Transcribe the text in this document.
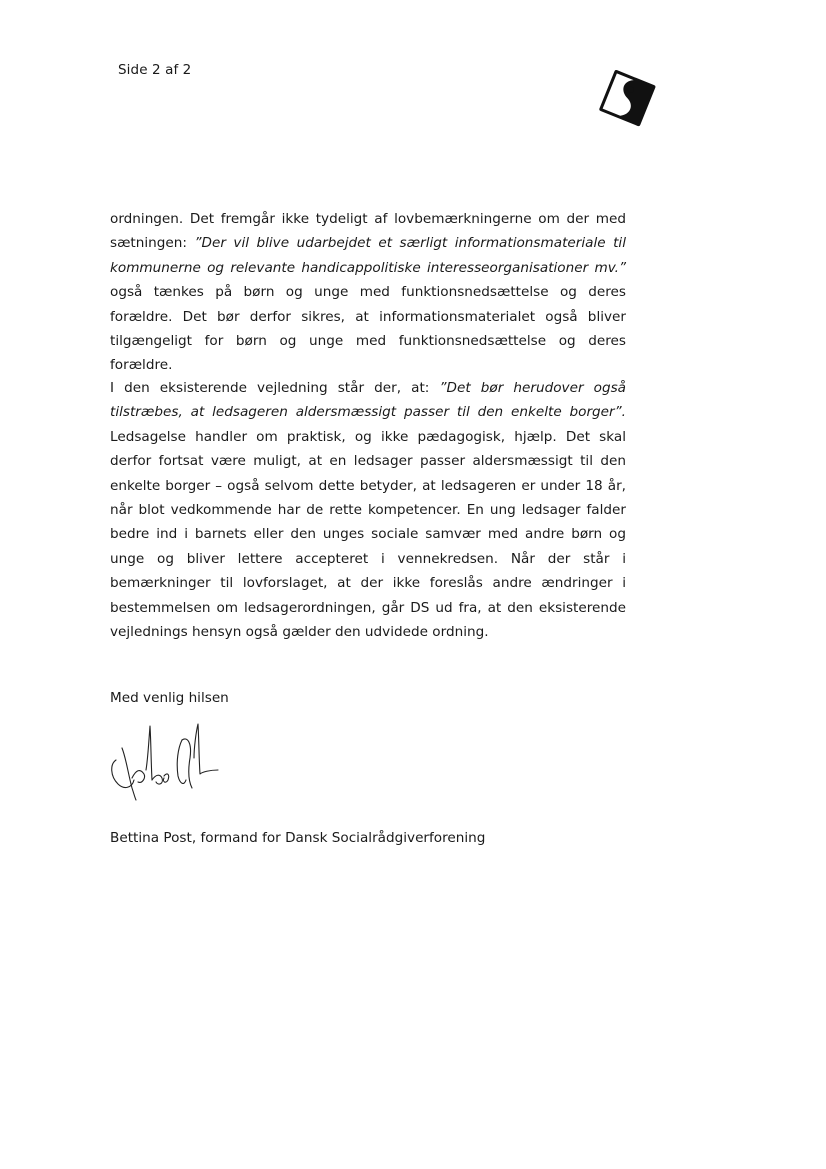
Side 2 af 2
ordningen. Det fremgår ikke tydeligt af lovbemærkningerne om der med sætningen: ”Der vil blive udarbejdet et særligt informationsmateriale til kommunerne og relevante handicappolitiske interesseorganisationer mv.” også tænkes på børn og unge med funktionsnedsættelse og deres forældre. Det bør derfor sikres, at informationsmaterialet også bliver tilgængeligt for børn og unge med funktionsnedsættelse og deres forældre.
I den eksisterende vejledning står der, at: ”Det bør herudover også tilstræbes, at ledsageren aldersmæssigt passer til den enkelte borger”. Ledsagelse handler om praktisk, og ikke pædagogisk, hjælp. Det skal derfor fortsat være muligt, at en ledsager passer aldersmæssigt til den enkelte borger – også selvom dette betyder, at ledsageren er under 18 år, når blot vedkommende har de rette kompetencer. En ung ledsager falder bedre ind i barnets eller den unges sociale samvær med andre børn og unge og bliver lettere accepteret i vennekredsen. Når der står i bemærkninger til lovforslaget, at der ikke foreslås andre ændringer i bestemmelsen om ledsagerordningen, går DS ud fra, at den eksisterende vejlednings hensyn også gælder den udvidede ordning.
Med venlig hilsen
Bettina Post, formand for Dansk Socialrådgiverforening
